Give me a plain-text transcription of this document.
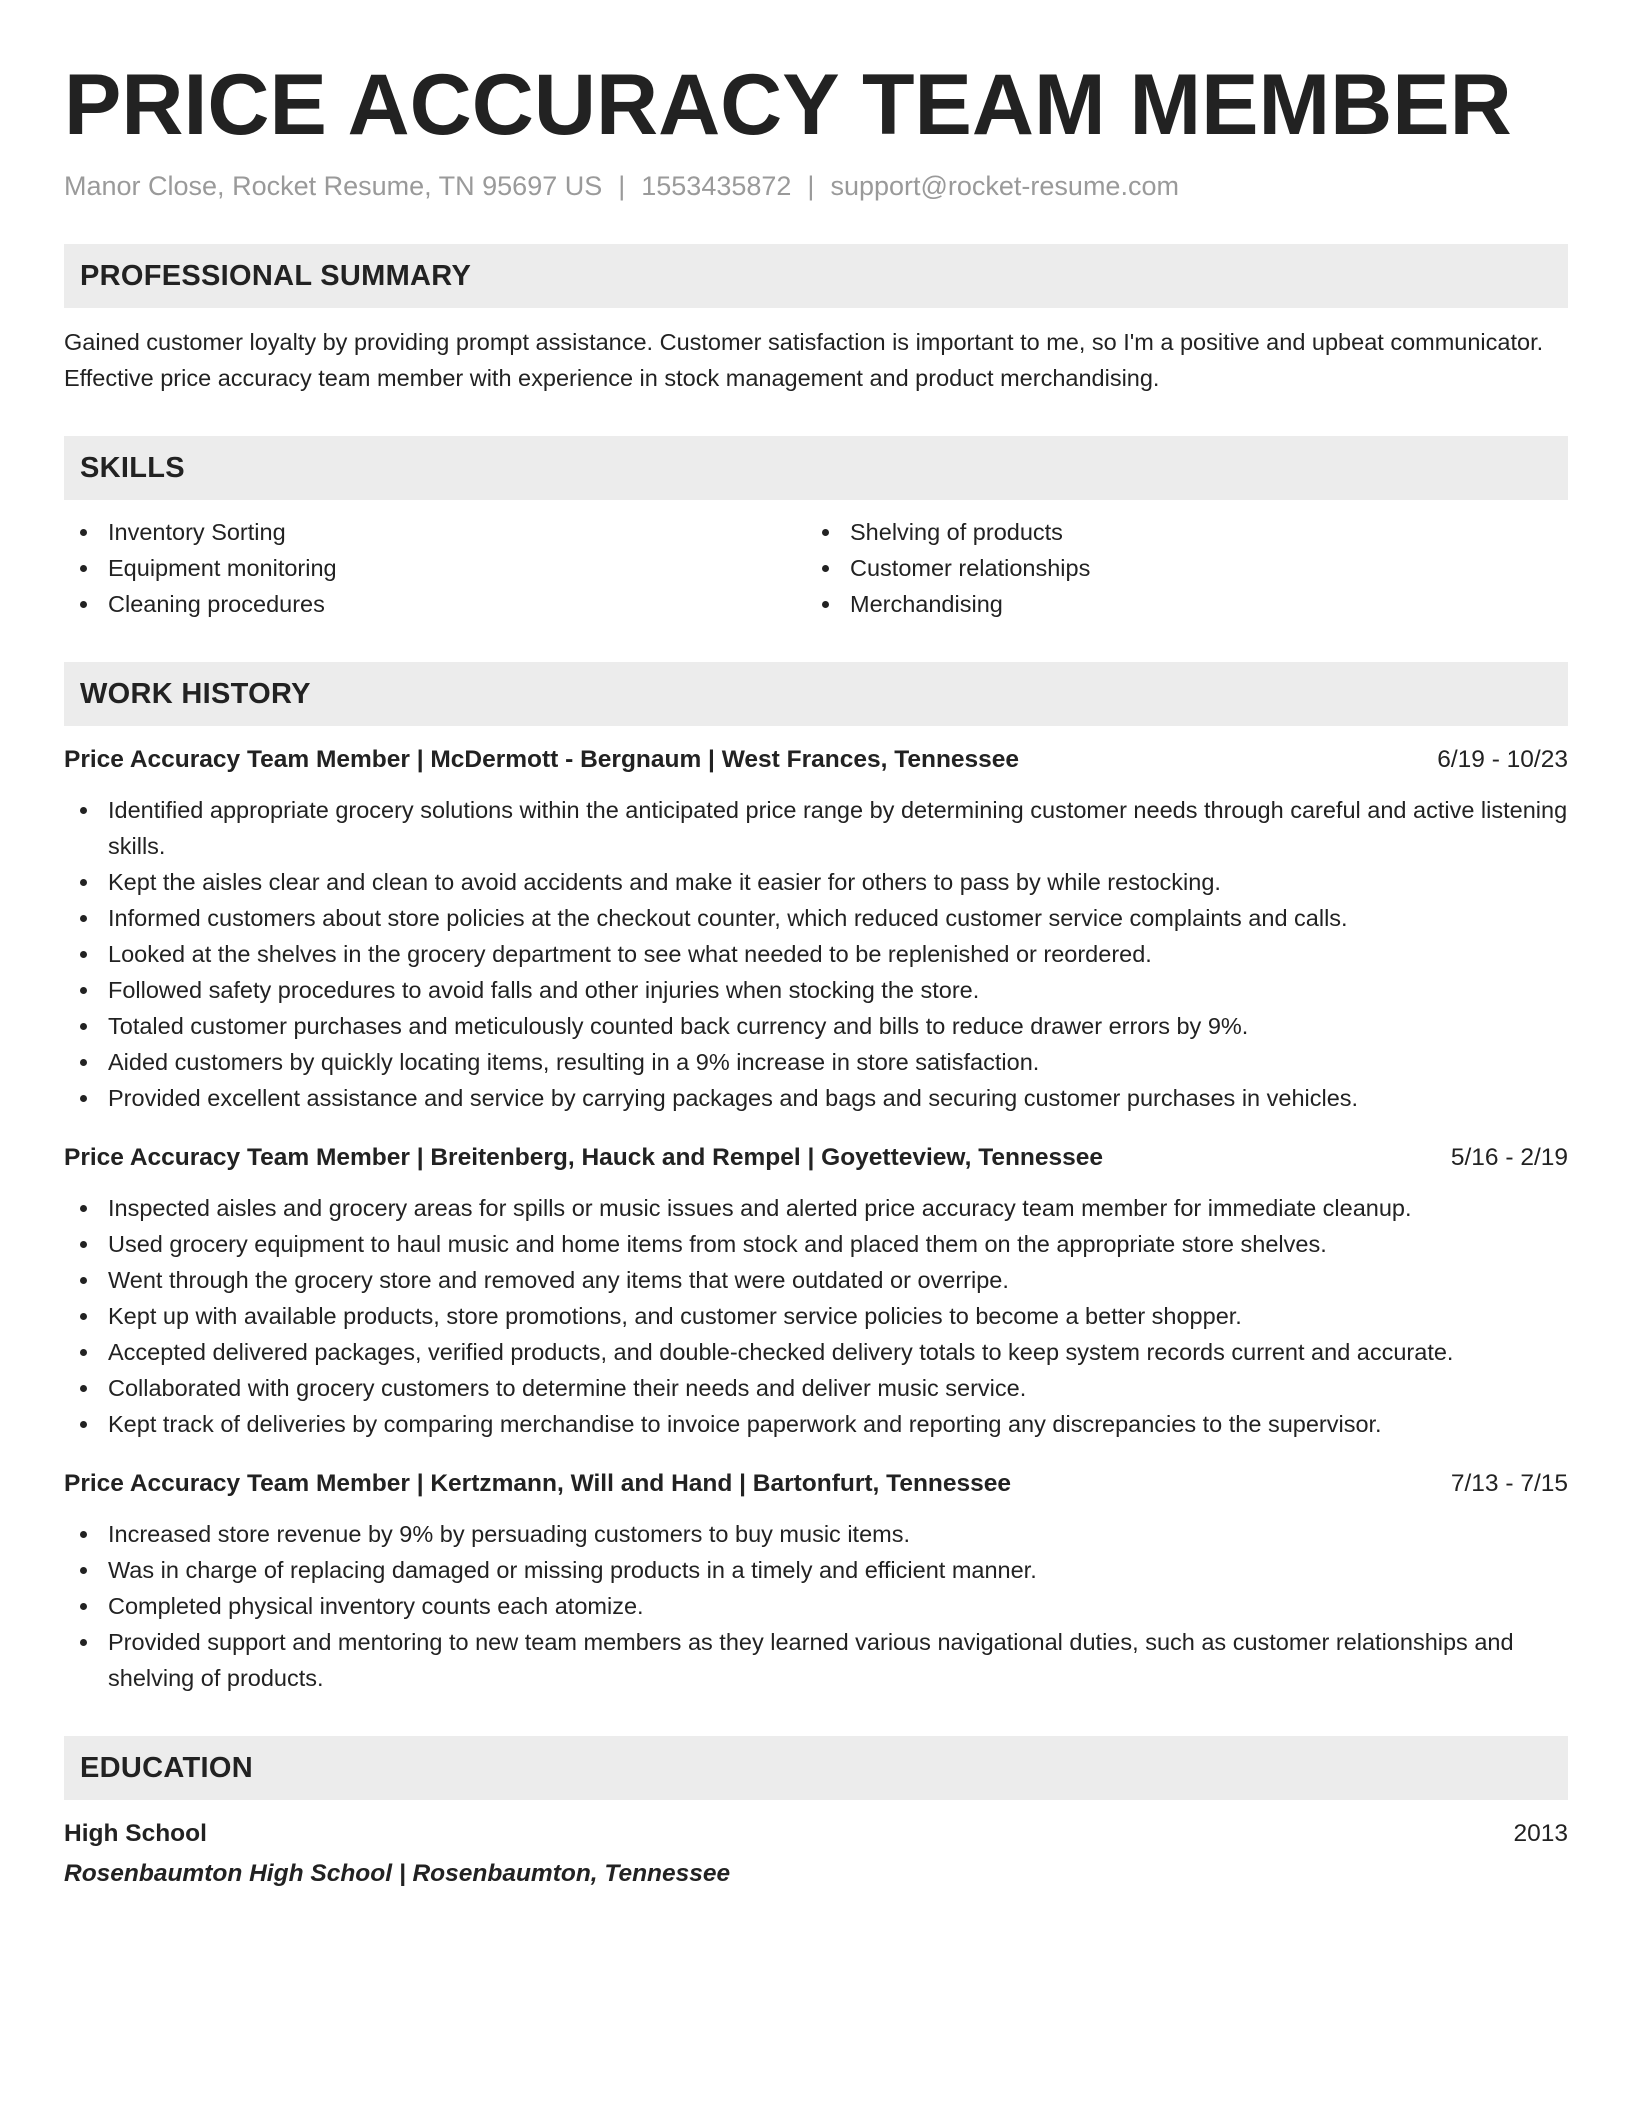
PRICE ACCURACY TEAM MEMBER
Manor Close, Rocket Resume, TN 95697 US | 1553435872 | support@rocket-resume.com
PROFESSIONAL SUMMARY
Gained customer loyalty by providing prompt assistance. Customer satisfaction is important to me, so I'm a positive and upbeat communicator. Effective price accuracy team member with experience in stock management and product merchandising.
SKILLS
Inventory Sorting
Equipment monitoring
Cleaning procedures
Shelving of products
Customer relationships
Merchandising
WORK HISTORY
Price Accuracy Team Member | McDermott - Bergnaum | West Frances, Tennessee	6/19 - 10/23
Identified appropriate grocery solutions within the anticipated price range by determining customer needs through careful and active listening skills.
Kept the aisles clear and clean to avoid accidents and make it easier for others to pass by while restocking.
Informed customers about store policies at the checkout counter, which reduced customer service complaints and calls.
Looked at the shelves in the grocery department to see what needed to be replenished or reordered.
Followed safety procedures to avoid falls and other injuries when stocking the store.
Totaled customer purchases and meticulously counted back currency and bills to reduce drawer errors by 9%.
Aided customers by quickly locating items, resulting in a 9% increase in store satisfaction.
Provided excellent assistance and service by carrying packages and bags and securing customer purchases in vehicles.
Price Accuracy Team Member | Breitenberg, Hauck and Rempel | Goyetteview, Tennessee	5/16 - 2/19
Inspected aisles and grocery areas for spills or music issues and alerted price accuracy team member for immediate cleanup.
Used grocery equipment to haul music and home items from stock and placed them on the appropriate store shelves.
Went through the grocery store and removed any items that were outdated or overripe.
Kept up with available products, store promotions, and customer service policies to become a better shopper.
Accepted delivered packages, verified products, and double-checked delivery totals to keep system records current and accurate.
Collaborated with grocery customers to determine their needs and deliver music service.
Kept track of deliveries by comparing merchandise to invoice paperwork and reporting any discrepancies to the supervisor.
Price Accuracy Team Member | Kertzmann, Will and Hand | Bartonfurt, Tennessee	7/13 - 7/15
Increased store revenue by 9% by persuading customers to buy music items.
Was in charge of replacing damaged or missing products in a timely and efficient manner.
Completed physical inventory counts each atomize.
Provided support and mentoring to new team members as they learned various navigational duties, such as customer relationships and shelving of products.
EDUCATION
High School	2013
Rosenbaumton High School | Rosenbaumton, Tennessee
